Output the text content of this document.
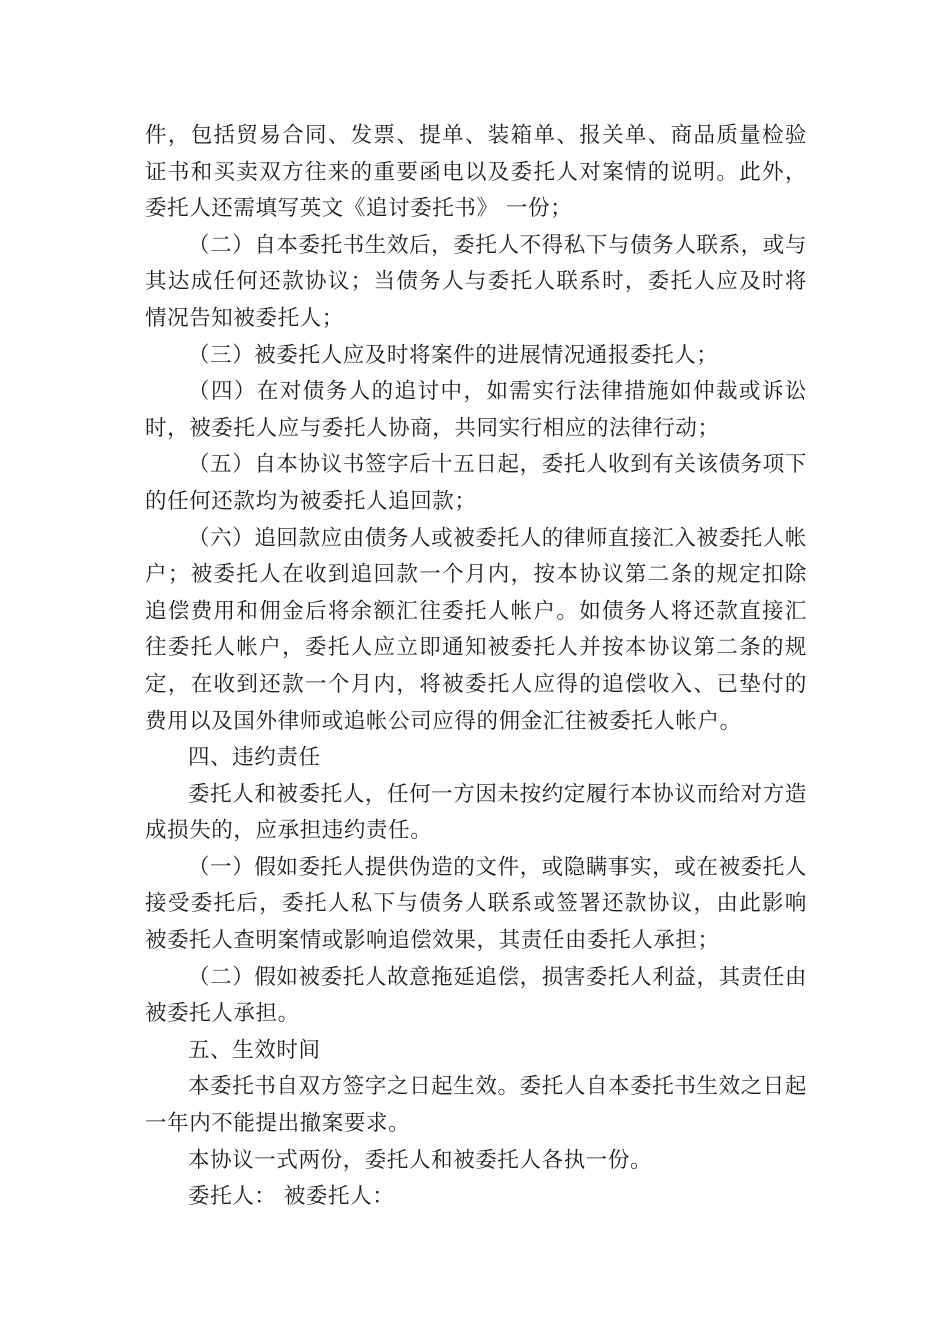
件，包括贸易合同、发票、提单、装箱单、报关单、商品质量检验证书和买卖双方往来的重要函电以及委托人对案情的说明。此外，委托人还需填写英文《追讨委托书》 一份；

（二）自本委托书生效后，委托人不得私下与债务人联系，或与其达成任何还款协议；当债务人与委托人联系时，委托人应及时将情况告知被委托人；

（三）被委托人应及时将案件的进展情况通报委托人；

（四）在对债务人的追讨中，如需实行法律措施如仲裁或诉讼时，被委托人应与委托人协商，共同实行相应的法律行动；

（五）自本协议书签字后十五日起，委托人收到有关该债务项下的任何还款均为被委托人追回款；

（六）追回款应由债务人或被委托人的律师直接汇入被委托人帐户；被委托人在收到追回款一个月内，按本协议第二条的规定扣除追偿费用和佣金后将余额汇往委托人帐户。如债务人将还款直接汇往委托人帐户，委托人应立即通知被委托人并按本协议第二条的规定，在收到还款一个月内，将被委托人应得的追偿收入、已垫付的费用以及国外律师或追帐公司应得的佣金汇往被委托人帐户。

四、违约责任

委托人和被委托人，任何一方因未按约定履行本协议而给对方造成损失的，应承担违约责任。

（一）假如委托人提供伪造的文件，或隐瞒事实，或在被委托人接受委托后，委托人私下与债务人联系或签署还款协议，由此影响被委托人查明案情或影响追偿效果，其责任由委托人承担；

（二）假如被委托人故意拖延追偿，损害委托人利益，其责任由被委托人承担。

五、生效时间

本委托书自双方签字之日起生效。委托人自本委托书生效之日起一年内不能提出撤案要求。

本协议一式两份，委托人和被委托人各执一份。

委托人： 被委托人：
